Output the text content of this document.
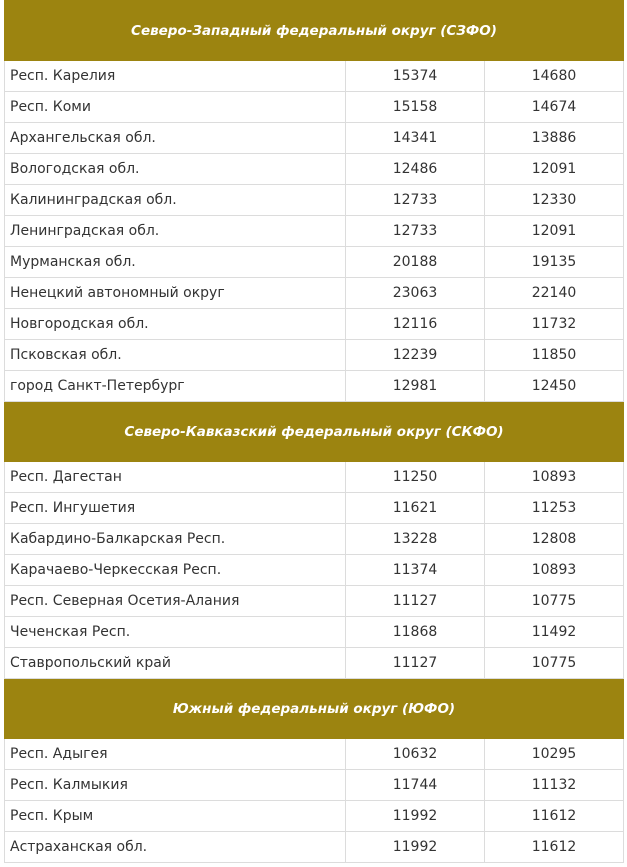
Северо-Западный федеральный округ (СЗФО)		
Респ. Карелия	15374	14680
Респ. Коми	15158	14674
Архангельская обл.	14341	13886
Вологодская обл.	12486	12091
Калининградская обл.	12733	12330
Ленинградская обл.	12733	12091
Мурманская обл.	20188	19135
Ненецкий автономный округ	23063	22140
Новгородская обл.	12116	11732
Псковская обл.	12239	11850
город Санкт-Петербург	12981	12450
Северо-Кавказский федеральный округ (СКФО)		
Респ. Дагестан	11250	10893
Респ. Ингушетия	11621	11253
Кабардино-Балкарская Респ.	13228	12808
Карачаево-Черкесская Респ.	11374	10893
Респ. Северная Осетия-Алания	11127	10775
Чеченская Респ.	11868	11492
Ставропольский край	11127	10775
Южный федеральный округ (ЮФО)		
Респ. Адыгея	10632	10295
Респ. Калмыкия	11744	11132
Респ. Крым	11992	11612
Астраханская обл.	11992	11612
